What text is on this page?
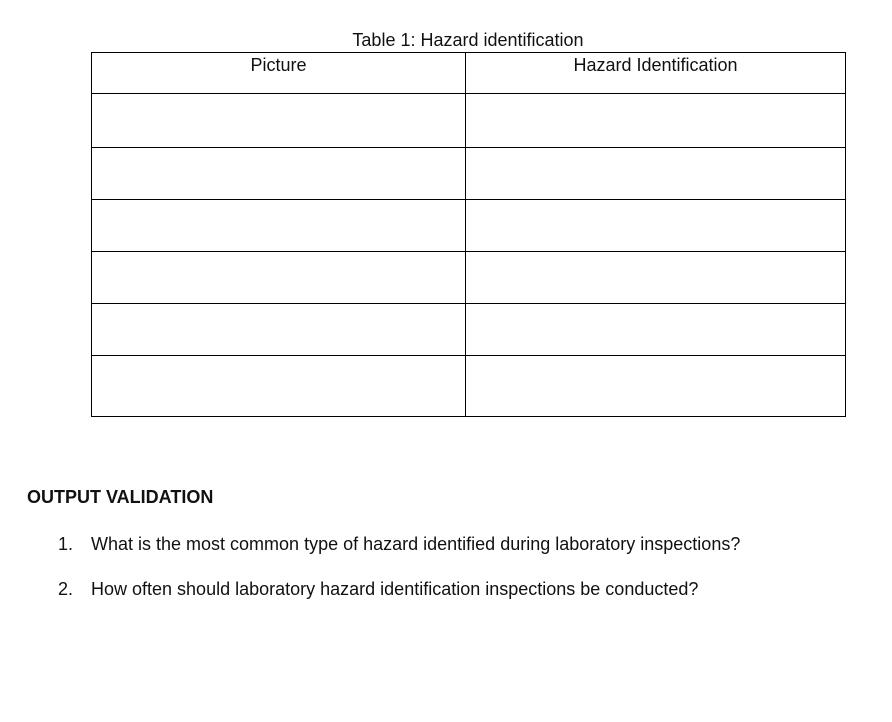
Table 1: Hazard identification
Picture	Hazard Identification

OUTPUT VALIDATION
1. What is the most common type of hazard identified during laboratory inspections?
2. How often should laboratory hazard identification inspections be conducted?
